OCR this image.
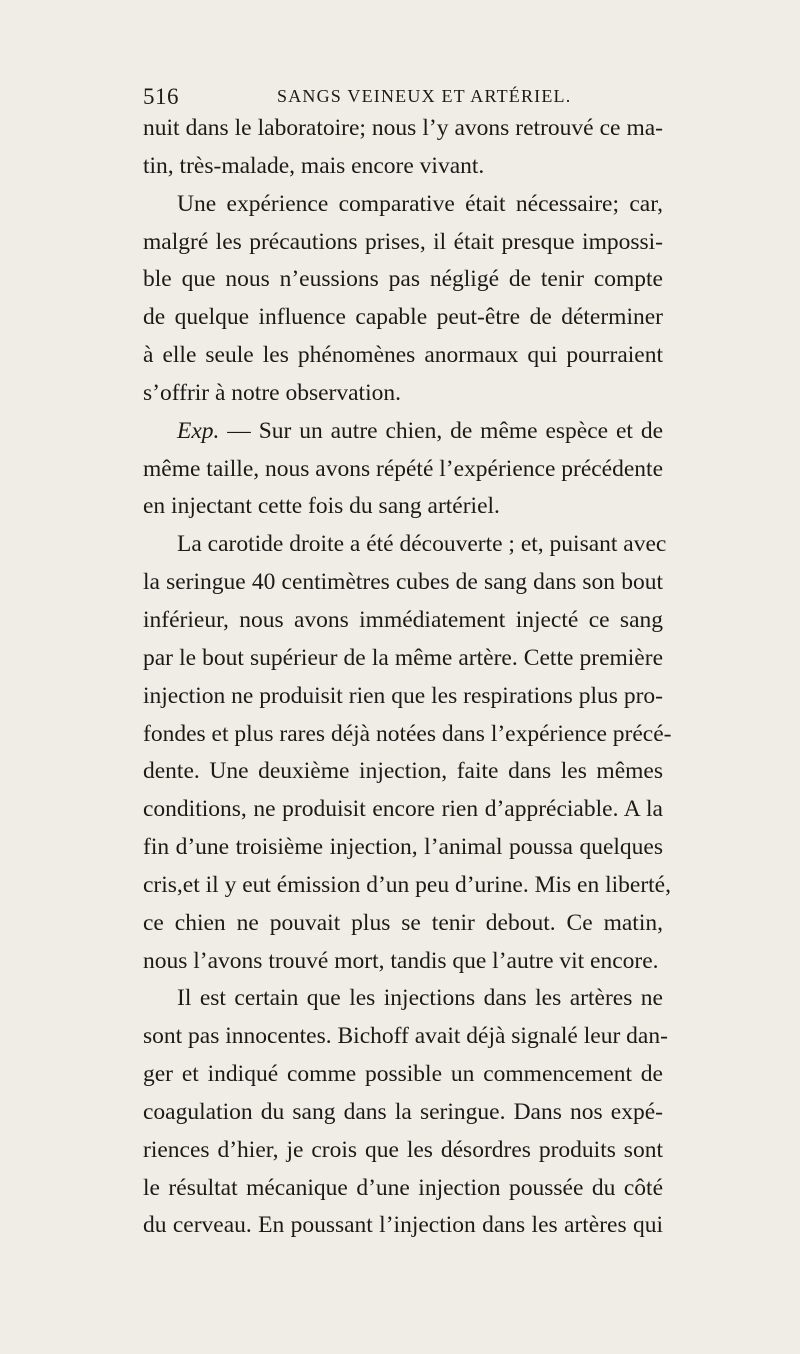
516	SANGS VEINEUX ET ARTÉRIEL.
nuit dans le laboratoire; nous l’y avons retrouvé ce ma-
tin, très-malade, mais encore vivant.
Une expérience comparative était nécessaire; car,
malgré les précautions prises, il était presque impossi-
ble que nous n’eussions pas négligé de tenir compte
de quelque influence capable peut-être de déterminer
à elle seule les phénomènes anormaux qui pourraient
s’offrir à notre observation.
Exp. — Sur un autre chien, de même espèce et de
même taille, nous avons répété l’expérience précédente
en injectant cette fois du sang artériel.
La carotide droite a été découverte ; et, puisant avec
la seringue 40 centimètres cubes de sang dans son bout
inférieur, nous avons immédiatement injecté ce sang
par le bout supérieur de la même artère. Cette première
injection ne produisit rien que les respirations plus pro-
fondes et plus rares déjà notées dans l’expérience précé-
dente. Une deuxième injection, faite dans les mêmes
conditions, ne produisit encore rien d’appréciable. A la
fin d’une troisième injection, l’animal poussa quelques
cris,et il y eut émission d’un peu d’urine. Mis en liberté,
ce chien ne pouvait plus se tenir debout. Ce matin,
nous l’avons trouvé mort, tandis que l’autre vit encore.
Il est certain que les injections dans les artères ne
sont pas innocentes. Bichoff avait déjà signalé leur dan-
ger et indiqué comme possible un commencement de
coagulation du sang dans la seringue. Dans nos expé-
riences d’hier, je crois que les désordres produits sont
le résultat mécanique d’une injection poussée du côté
du cerveau. En poussant l’injection dans les artères qui
